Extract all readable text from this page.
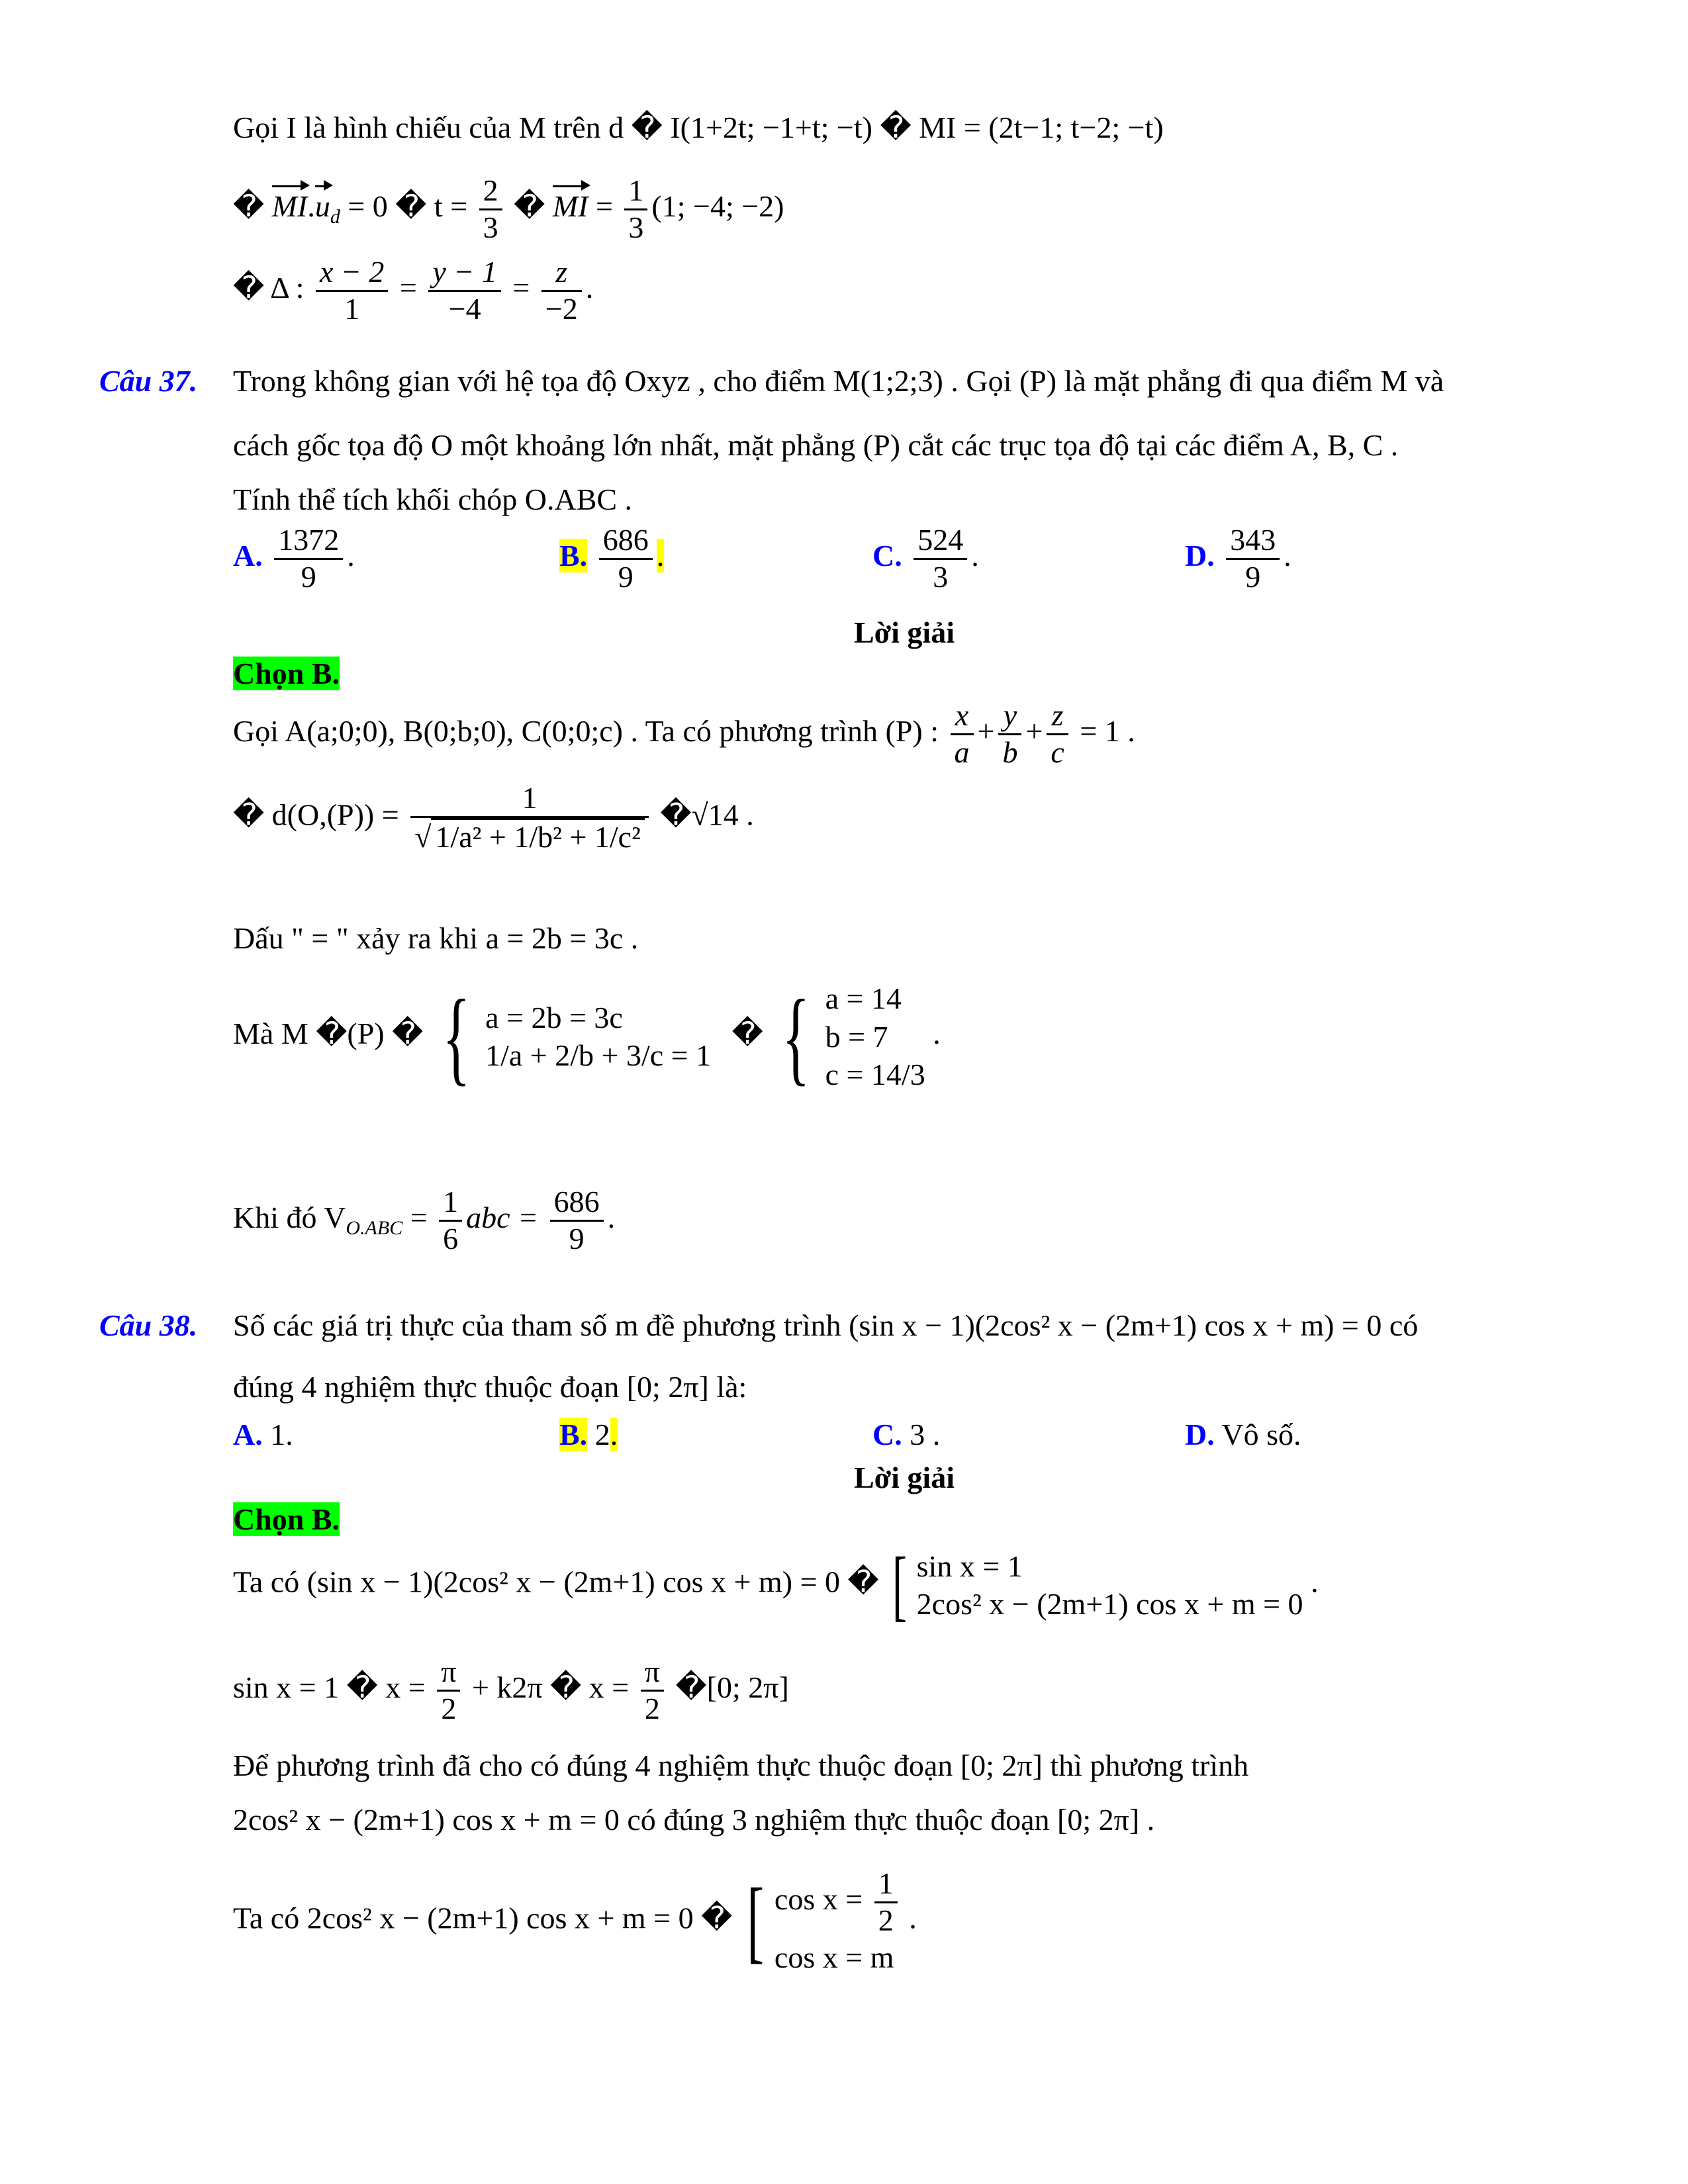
Gọi I là hình chiếu của M trên d � I(1+2t; −1+t; −t) � MI = (2t−1; t−2; −t)
� $MI.u_d = 0$ � $t = \frac{2}{3}$ � MI = $\frac{1}{3} (1$; −4; −2)
� Δ : $\frac{x - 2}{1} = \frac{y - 1}{-4} = \frac{z}{-2}$ .
Câu 37. Trong không gian với hệ tọa độ Oxyz , cho điểm M(1;2;3) . Gọi (P) là mặt phẳng đi qua điểm M và
cách gốc tọa độ O một khoảng lớn nhất, mặt phẳng (P) cắt các trục tọa độ tại các điểm A, B, C .
Tính thể tích khối chóp O.ABC .
A. $\frac{1372}{9}$ .	B. $\frac{686}{9}$ .	C. $\frac{524}{3}$ .	D. $\frac{343}{9}$ .
Lời giải
Chọn B.
Gọi A(a;0;0), B(0;b;0), C(0;0;c) . Ta có phương trình (P) : $\frac{x}{a} + \frac{y}{b} + \frac{z}{c} = 1$ .
� $d(O,(P)) = \frac{1}{\text{√ 1/a² + 1/b² + 1/c²}}$ �√14 .
Dấu " = " xảy ra khi a = 2b = 3c .
Mà M �(P) � { a = 2b = 3c
1/a + 2/b + 3/c = 1
� { a = 14
b = 7
c = 14/3
.
Khi đó $V_{O.ABC} = \frac{1}{6}$ abc = $\frac{686}{9}$ .
Câu 38. Số các giá trị thực của tham số m đề phương trình (sin x − 1)(2cos² x − (2m+1) cos x + m) = 0 có
đúng 4 nghiệm thực thuộc đoạn [0; 2π] là:
A. 1.	B. 2.	C. 3 .	D. Vô số.
Lời giải
Chọn B.
Ta có (sin x − 1)(2cos² x − (2m+1) cos x + m) = 0 � [ sin x = 1
2cos² x − (2m+1) cos x + m = 0
.
sin x = 1 � $x = \frac{\pi}{2} + k2\pi$ � $x = \frac{\pi}{2}$ �[0; 2π]
Để phương trình đã cho có đúng 4 nghiệm thực thuộc đoạn [0; 2π] thì phương trình
2cos² x − (2m+1) cos x + m = 0 có đúng 3 nghiệm thực thuộc đoạn [0; 2π] .
Ta có 2cos² x − (2m+1) cos x + m = 0 � [ $\cos x = \frac{1}{2}$
cos x = m
.
